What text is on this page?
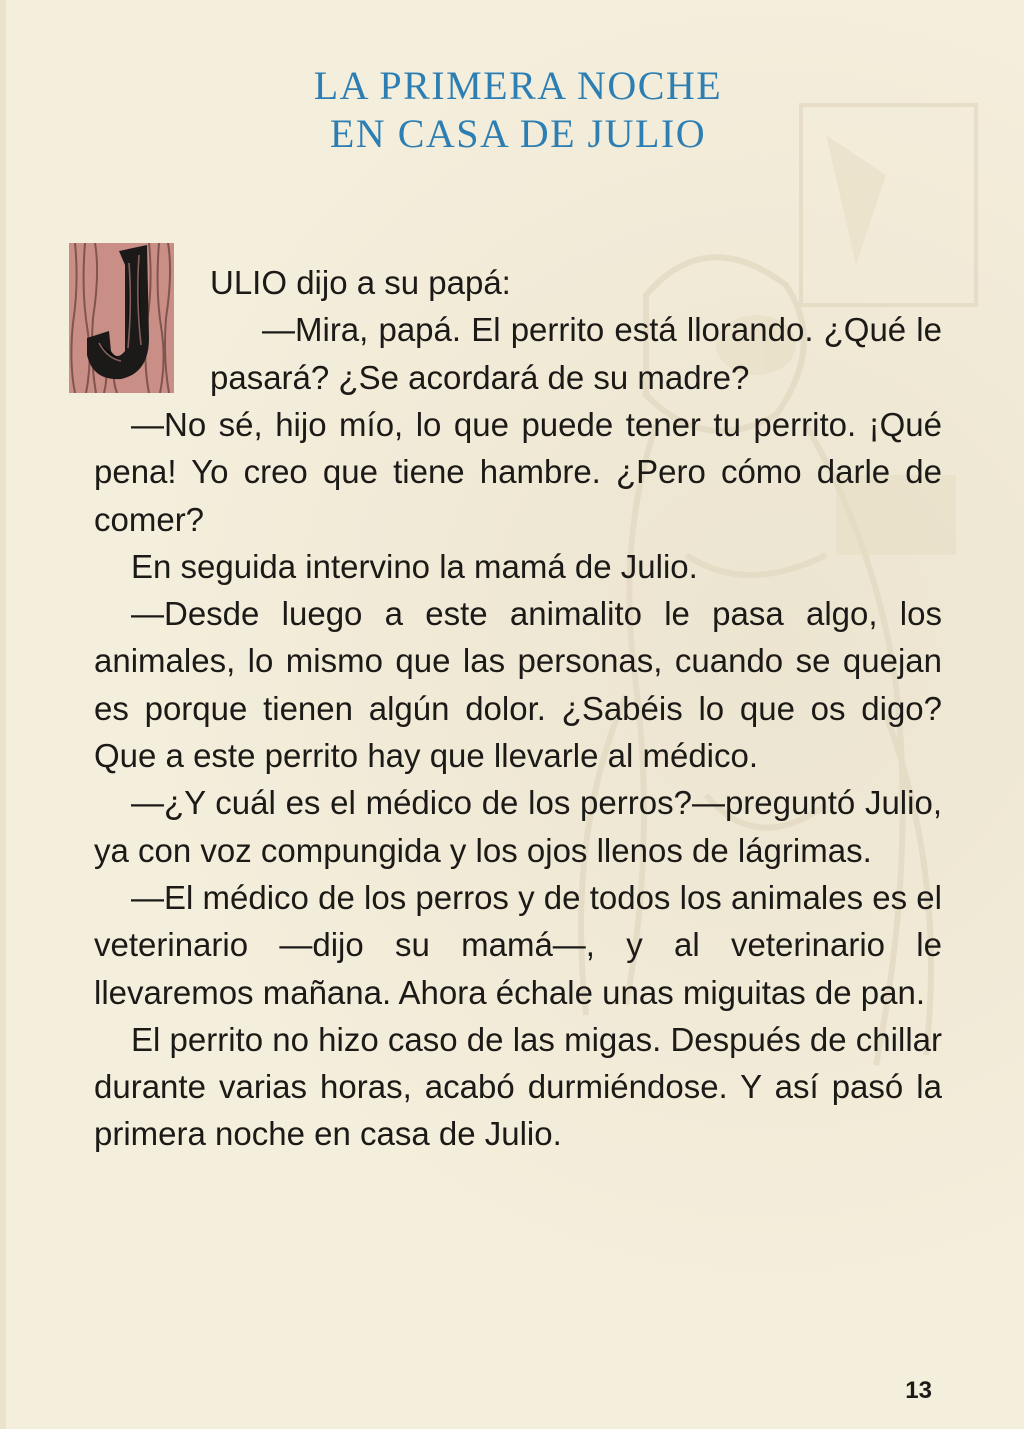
LA PRIMERA NOCHE
EN CASA DE JULIO

ULIO dijo a su papá:

—Mira, papá. El perrito está llorando. ¿Qué le pasará? ¿Se acordará de su madre?

—No sé, hijo mío, lo que puede tener tu perrito. ¡Qué pena! Yo creo que tiene hambre. ¿Pero cómo darle de comer?

En seguida intervino la mamá de Julio.

—Desde luego a este animalito le pasa algo, los animales, lo mismo que las personas, cuando se quejan es porque tienen algún dolor. ¿Sabéis lo que os digo? Que a este perrito hay que llevarle al médico.

—¿Y cuál es el médico de los perros?—preguntó Julio, ya con voz compungida y los ojos llenos de lágrimas.

—El médico de los perros y de todos los animales es el veterinario —dijo su mamá—, y al veterinario le llevaremos mañana. Ahora échale unas miguitas de pan.

El perrito no hizo caso de las migas. Después de chillar durante varias horas, acabó durmiéndose. Y así pasó la primera noche en casa de Julio.

13
